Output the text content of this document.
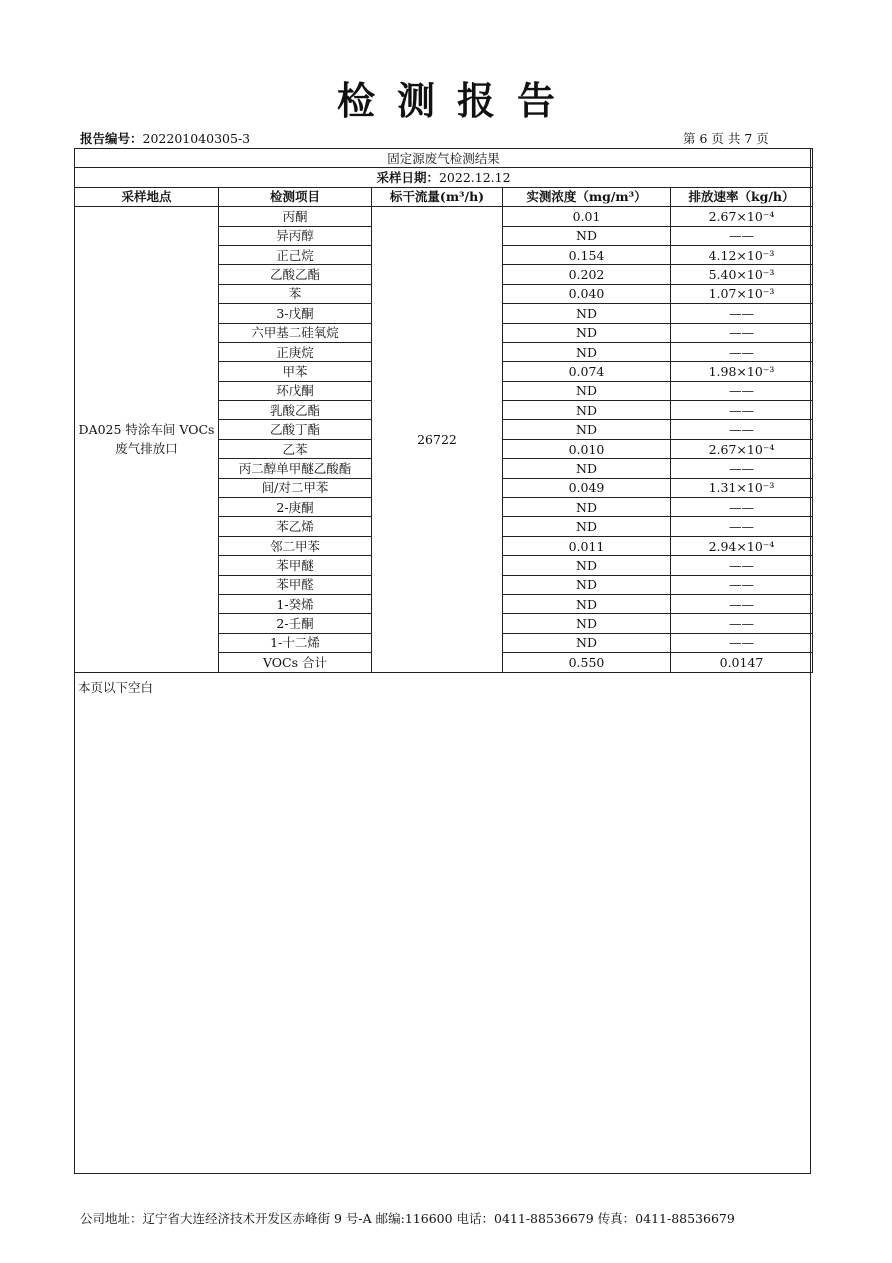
检测报告
报告编号：202201040305-3	第 6 页 共 7 页
固定源废气检测结果				
采样日期：2022.12.12				
采样地点	检测项目	标干流量(m³/h)	实测浓度（mg/m³）	排放速率（kg/h）
DA025 特涂车间 VOCs 废气排放口	丙酮	26722	0.01	2.67×10⁻⁴
	异丙醇		ND	——
	正己烷		0.154	4.12×10⁻³
	乙酸乙酯		0.202	5.40×10⁻³
	苯		0.040	1.07×10⁻³
	3-戊酮		ND	——
	六甲基二硅氧烷		ND	——
	正庚烷		ND	——
	甲苯		0.074	1.98×10⁻³
	环戊酮		ND	——
	乳酸乙酯		ND	——
	乙酸丁酯		ND	——
	乙苯		0.010	2.67×10⁻⁴
	丙二醇单甲醚乙酸酯		ND	——
	间/对二甲苯		0.049	1.31×10⁻³
	2-庚酮		ND	——
	苯乙烯		ND	——
	邻二甲苯		0.011	2.94×10⁻⁴
	苯甲醚		ND	——
	苯甲醛		ND	——
	1-癸烯		ND	——
	2-壬酮		ND	——
	1-十二烯		ND	——
	VOCs 合计		0.550	0.0147
本页以下空白
公司地址：辽宁省大连经济技术开发区赤峰街 9 号-A 邮编:116600 电话：0411-88536679 传真：0411-88536679
